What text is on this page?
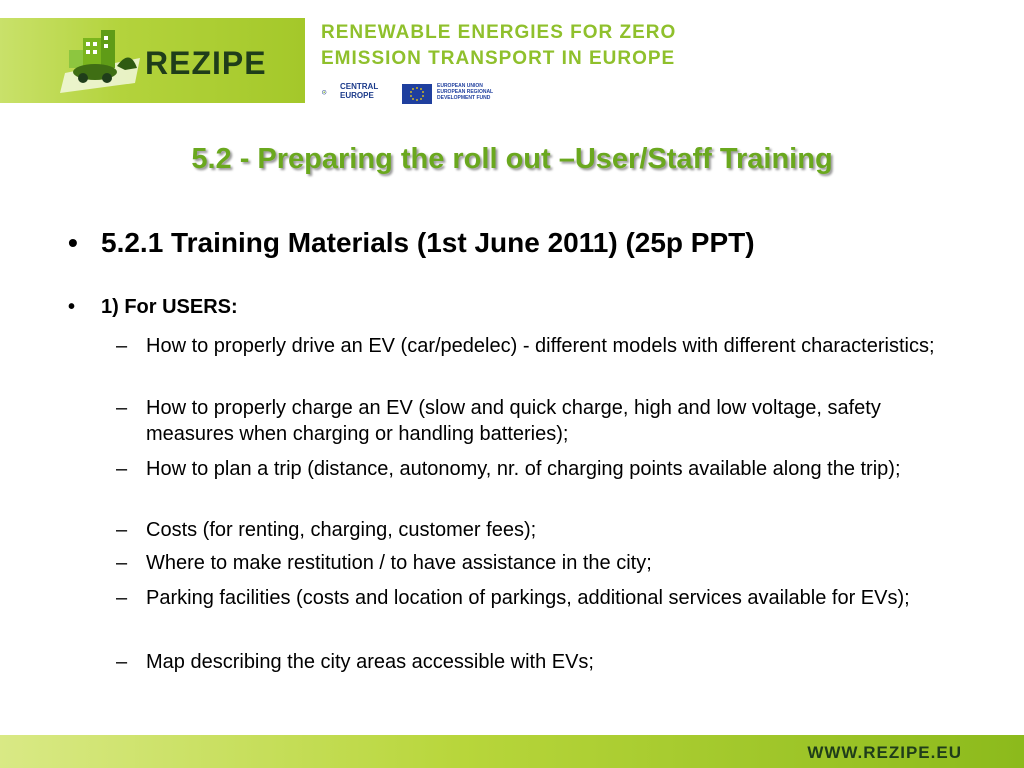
REZIPE
RENEWABLE ENERGIES FOR ZERO
EMISSION TRANSPORT IN EUROPE
CENTRAL
EUROPE
EUROPEAN UNION
EUROPEAN REGIONAL
DEVELOPMENT FUND
5.2 - Preparing the roll out –User/Staff Training
• 5.2.1 Training Materials (1st June 2011) (25p PPT)
• 1) For USERS:
– How to properly drive an EV (car/pedelec) - different models with different characteristics;
– How to properly charge an EV (slow and quick charge, high and low voltage, safety measures when charging or handling batteries);
– How to plan a trip (distance, autonomy, nr. of charging points available along the trip);
– Costs (for renting, charging, customer fees);
– Where to make restitution / to have assistance in the city;
– Parking facilities (costs and location of parkings, additional services available for EVs);
– Map describing the city areas accessible with EVs;
WWW.REZIPE.EU
